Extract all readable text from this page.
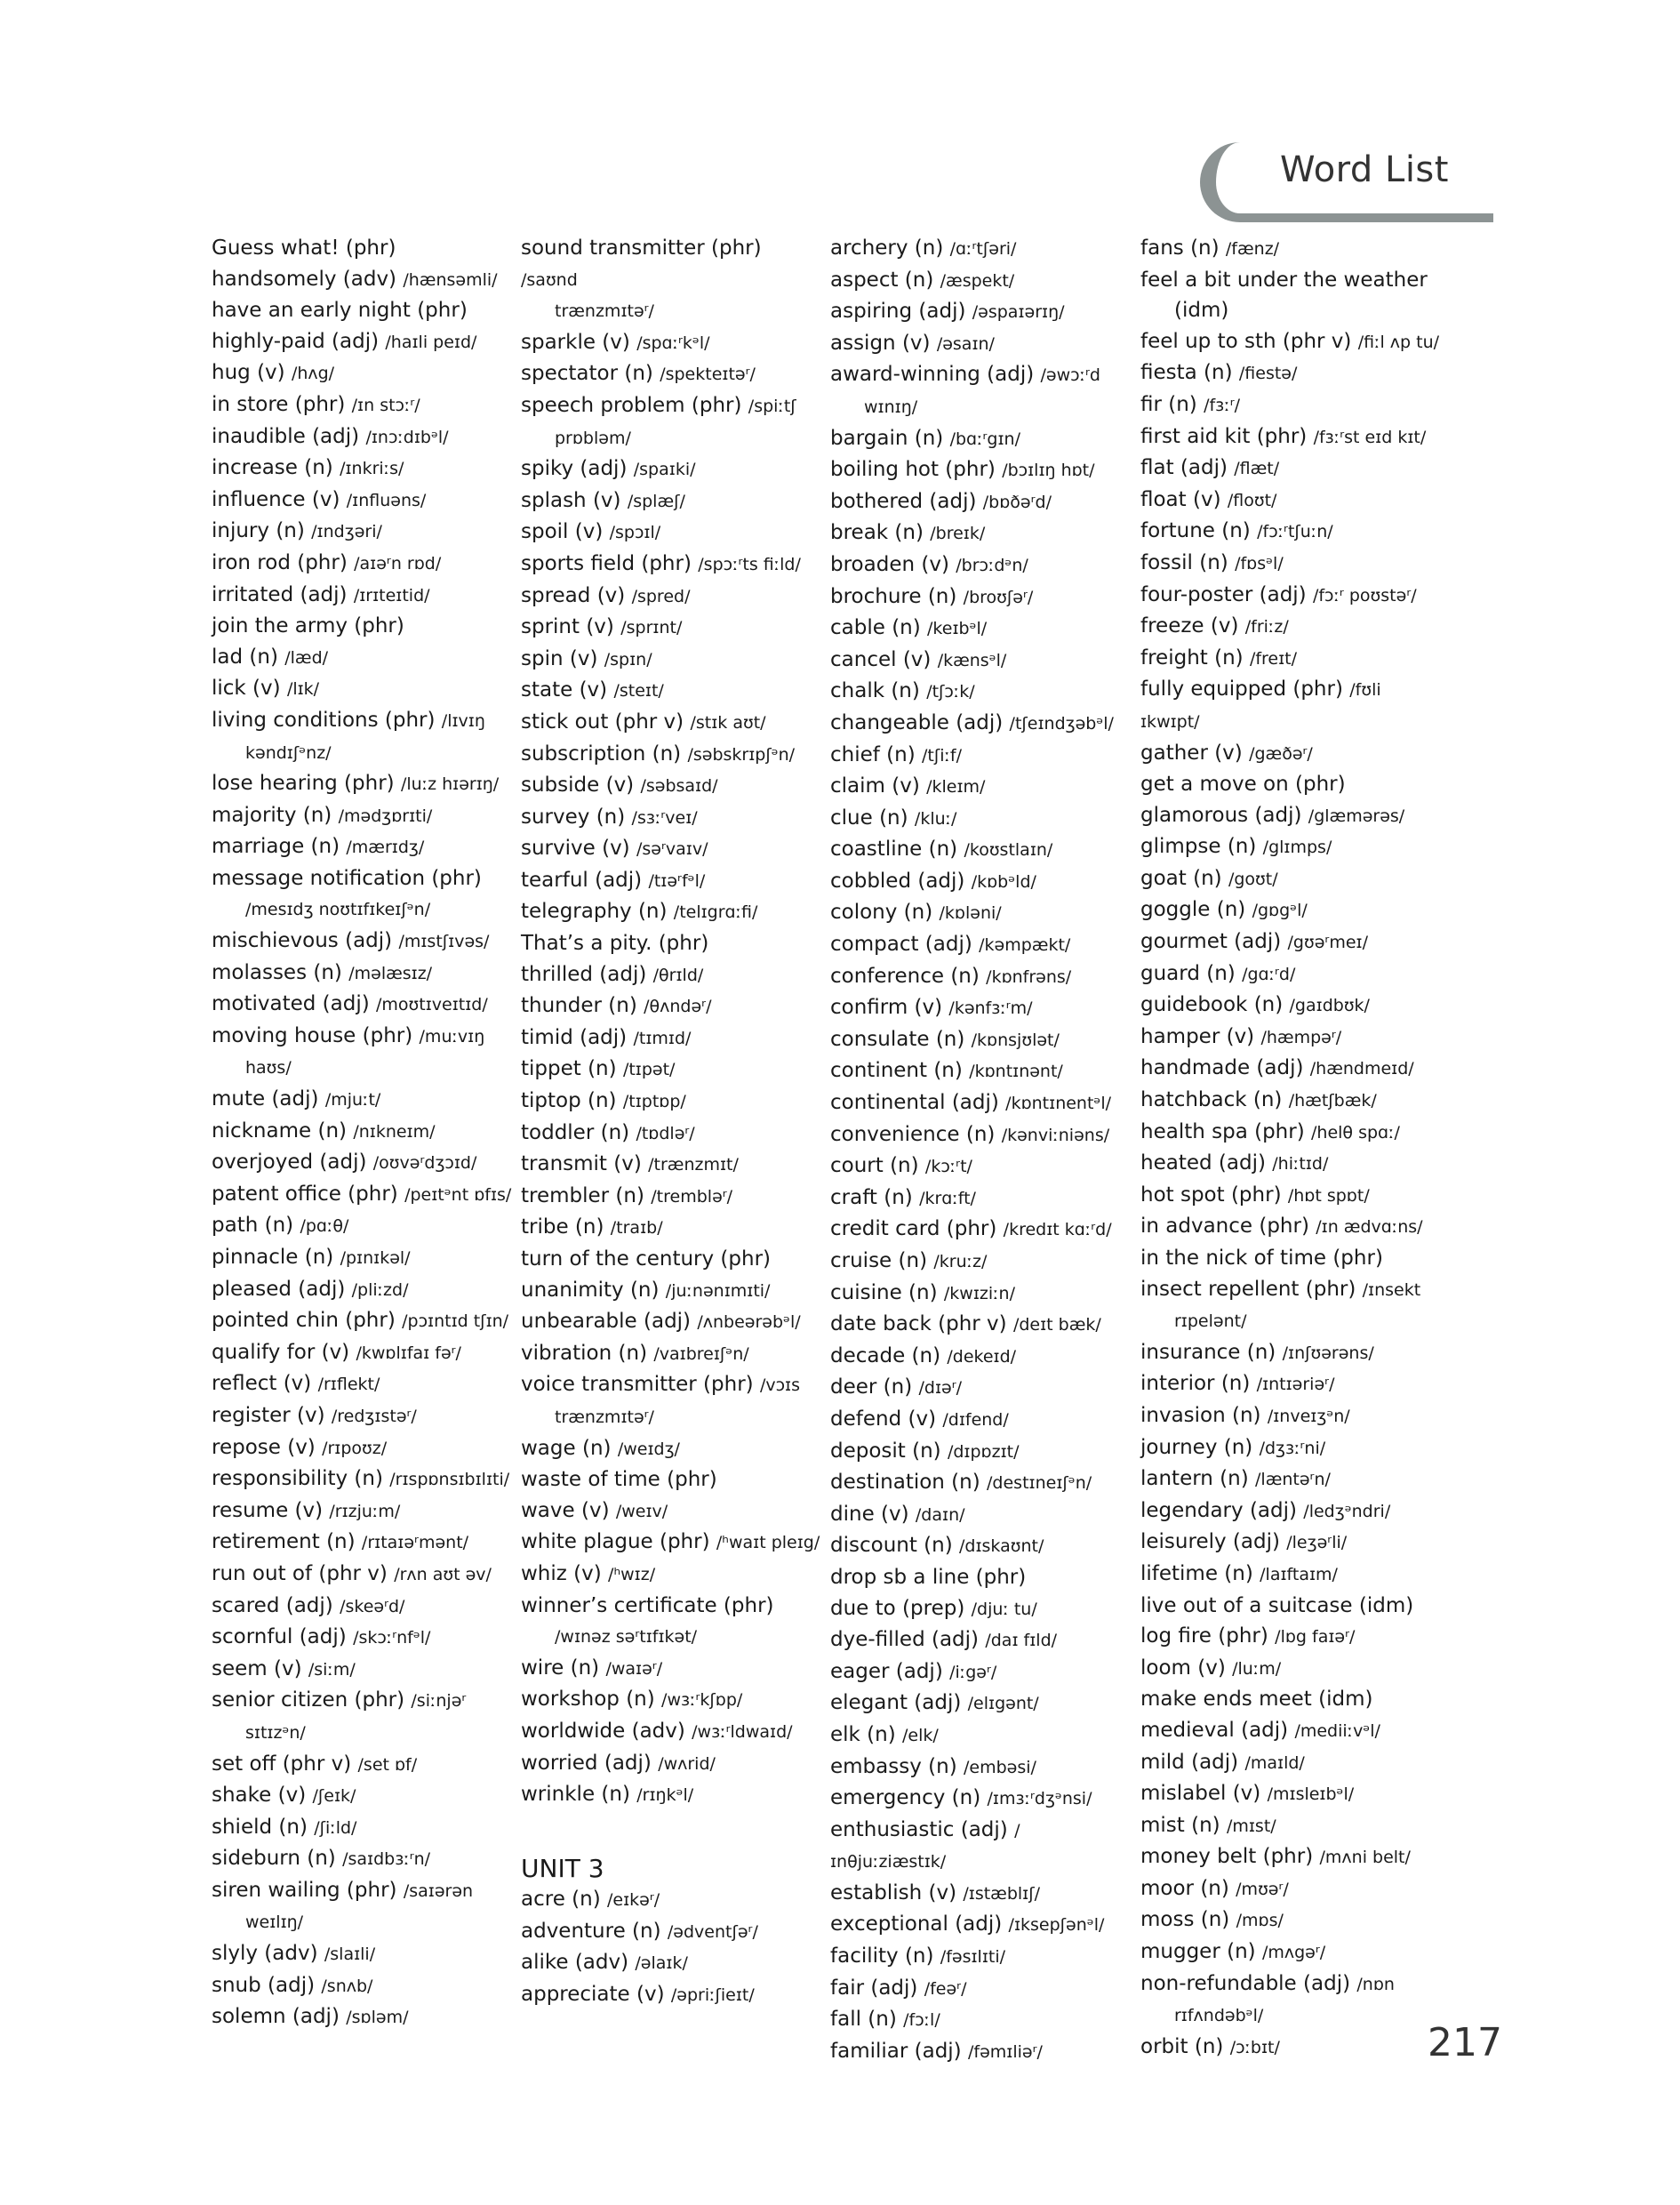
Word List
Guess what! (phr)
handsomely (adv) /hænsəmli/
have an early night (phr)
highly-paid (adj) /haɪli peɪd/
hug (v) /hʌg/
in store (phr) /ɪn stɔːʳ/
inaudible (adj) /ɪnɔːdɪbᵊl/
increase (n) /ɪnkriːs/
influence (v) /ɪnfluəns/
injury (n) /ɪndʒəri/
iron rod (phr) /aɪəʳn rɒd/
irritated (adj) /ɪrɪteɪtid/
join the army (phr)
lad (n) /læd/
lick (v) /lɪk/
living conditions (phr) /lɪvɪŋ
kəndɪʃᵊnz/
lose hearing (phr) /luːz hɪərɪŋ/
majority (n) /mədʒɒrɪti/
marriage (n) /mærɪdʒ/
message notification (phr)
/mesɪdʒ noʊtɪfɪkeɪʃᵊn/
mischievous (adj) /mɪstʃɪvəs/
molasses (n) /məlæsɪz/
motivated (adj) /moʊtɪveɪtɪd/
moving house (phr) /muːvɪŋ
haʊs/
mute (adj) /mjuːt/
nickname (n) /nɪkneɪm/
overjoyed (adj) /oʊvəʳdʒɔɪd/
patent office (phr) /peɪtᵊnt ɒfɪs/
path (n) /pɑːθ/
pinnacle (n) /pɪnɪkəl/
pleased (adj) /pliːzd/
pointed chin (phr) /pɔɪntɪd tʃɪn/
qualify for (v) /kwɒlɪfaɪ fəʳ/
reflect (v) /rɪflekt/
register (v) /redʒɪstəʳ/
repose (v) /rɪpoʊz/
responsibility (n) /rɪspɒnsɪbɪlɪti/
resume (v) /rɪzjuːm/
retirement (n) /rɪtaɪəʳmənt/
run out of (phr v) /rʌn aʊt əv/
scared (adj) /skeəʳd/
scornful (adj) /skɔːʳnfᵊl/
seem (v) /siːm/
senior citizen (phr) /siːnjəʳ
sɪtɪzᵊn/
set off (phr v) /set ɒf/
shake (v) /ʃeɪk/
shield (n) /ʃiːld/
sideburn (n) /saɪdbɜːʳn/
siren wailing (phr) /saɪərən
weɪlɪŋ/
slyly (adv) /slaɪli/
snub (adj) /snʌb/
solemn (adj) /sɒləm/
sound transmitter (phr) /saʊnd
trænzmɪtəʳ/
sparkle (v) /spɑːʳkᵊl/
spectator (n) /spekteɪtəʳ/
speech problem (phr) /spiːtʃ
prɒbləm/
spiky (adj) /spaɪki/
splash (v) /splæʃ/
spoil (v) /spɔɪl/
sports field (phr) /spɔːʳts fiːld/
spread (v) /spred/
sprint (v) /sprɪnt/
spin (v) /spɪn/
state (v) /steɪt/
stick out (phr v) /stɪk aʊt/
subscription (n) /səbskrɪpʃᵊn/
subside (v) /səbsaɪd/
survey (n) /sɜːʳveɪ/
survive (v) /səʳvaɪv/
tearful (adj) /tɪəʳfᵊl/
telegraphy (n) /telɪgrɑːfi/
That’s a pity. (phr)
thrilled (adj) /θrɪld/
thunder (n) /θʌndəʳ/
timid (adj) /tɪmɪd/
tippet (n) /tɪpət/
tiptop (n) /tɪptɒp/
toddler (n) /tɒdləʳ/
transmit (v) /trænzmɪt/
trembler (n) /tremblәʳ/
tribe (n) /traɪb/
turn of the century (phr)
unanimity (n) /juːnənɪmɪti/
unbearable (adj) /ʌnbeərəbᵊl/
vibration (n) /vaɪbreɪʃᵊn/
voice transmitter (phr) /vɔɪs
trænzmɪtəʳ/
wage (n) /weɪdʒ/
waste of time (phr)
wave (v) /weɪv/
white plague (phr) /ʰwaɪt pleɪg/
whiz (v) /ʰwɪz/
winner’s certificate (phr)
/wɪnəz səʳtɪfɪkət/
wire (n) /waɪəʳ/
workshop (n) /wɜːʳkʃɒp/
worldwide (adv) /wɜːʳldwaɪd/
worried (adj) /wʌrid/
wrinkle (n) /rɪŋkᵊl/
UNIT 3
acre (n) /eɪkəʳ/
adventure (n) /ədventʃəʳ/
alike (adv) /əlaɪk/
appreciate (v) /əpriːʃieɪt/
archery (n) /ɑːʳtʃəri/
aspect (n) /æspekt/
aspiring (adj) /əspaɪərɪŋ/
assign (v) /əsaɪn/
award-winning (adj) /əwɔːʳd
wɪnɪŋ/
bargain (n) /bɑːʳgɪn/
boiling hot (phr) /bɔɪlɪŋ hɒt/
bothered (adj) /bɒðəʳd/
break (n) /breɪk/
broaden (v) /brɔːdᵊn/
brochure (n) /broʊʃəʳ/
cable (n) /keɪbᵊl/
cancel (v) /kænsᵊl/
chalk (n) /tʃɔːk/
changeable (adj) /tʃeɪndʒəbᵊl/
chief (n) /tʃiːf/
claim (v) /kleɪm/
clue (n) /kluː/
coastline (n) /koʊstlaɪn/
cobbled (adj) /kɒbᵊld/
colony (n) /kɒləni/
compact (adj) /kəmpækt/
conference (n) /kɒnfrəns/
confirm (v) /kənfɜːʳm/
consulate (n) /kɒnsjʊlət/
continent (n) /kɒntɪnənt/
continental (adj) /kɒntɪnentᵊl/
convenience (n) /kənviːniəns/
court (n) /kɔːʳt/
craft (n) /krɑːft/
credit card (phr) /kredɪt kɑːʳd/
cruise (n) /kruːz/
cuisine (n) /kwɪziːn/
date back (phr v) /deɪt bæk/
decade (n) /dekeɪd/
deer (n) /dɪəʳ/
defend (v) /dɪfend/
deposit (n) /dɪpɒzɪt/
destination (n) /destɪneɪʃᵊn/
dine (v) /daɪn/
discount (n) /dɪskaʊnt/
drop sb a line (phr)
due to (prep) /djuː tu/
dye-filled (adj) /daɪ fɪld/
eager (adj) /iːgəʳ/
elegant (adj) /elɪgənt/
elk (n) /elk/
embassy (n) /embəsi/
emergency (n) /ɪmɜːʳdʒᵊnsi/
enthusiastic (adj) /ɪnθjuːziæstɪk/
establish (v) /ɪstæblɪʃ/
exceptional (adj) /ɪksepʃənᵊl/
facility (n) /fəsɪlɪti/
fair (adj) /feəʳ/
fall (n) /fɔːl/
familiar (adj) /fəmɪliəʳ/
fans (n) /fænz/
feel a bit under the weather
(idm)
feel up to sth (phr v) /fiːl ʌp tu/
fiesta (n) /fiestə/
fir (n) /fɜːʳ/
first aid kit (phr) /fɜːʳst eɪd kɪt/
flat (adj) /flæt/
float (v) /floʊt/
fortune (n) /fɔːʳtʃuːn/
fossil (n) /fɒsᵊl/
four-poster (adj) /fɔːʳ poʊstəʳ/
freeze (v) /friːz/
freight (n) /freɪt/
fully equipped (phr) /fʊli ɪkwɪpt/
gather (v) /gæðəʳ/
get a move on (phr)
glamorous (adj) /glæmərəs/
glimpse (n) /glɪmps/
goat (n) /goʊt/
goggle (n) /gɒgᵊl/
gourmet (adj) /gʊəʳmeɪ/
guard (n) /gɑːʳd/
guidebook (n) /gaɪdbʊk/
hamper (v) /hæmpəʳ/
handmade (adj) /hændmeɪd/
hatchback (n) /hætʃbæk/
health spa (phr) /helθ spɑː/
heated (adj) /hiːtɪd/
hot spot (phr) /hɒt spɒt/
in advance (phr) /ɪn ædvɑːns/
in the nick of time (phr)
insect repellent (phr) /ɪnsekt
rɪpelənt/
insurance (n) /ɪnʃʊərəns/
interior (n) /ɪntɪəriəʳ/
invasion (n) /ɪnveɪʒᵊn/
journey (n) /dʒɜːʳni/
lantern (n) /læntəʳn/
legendary (adj) /ledʒᵊndri/
leisurely (adj) /leʒəʳli/
lifetime (n) /laɪftaɪm/
live out of a suitcase (idm)
log fire (phr) /lɒg faɪəʳ/
loom (v) /luːm/
make ends meet (idm)
medieval (adj) /mediiːvᵊl/
mild (adj) /maɪld/
mislabel (v) /mɪsleɪbᵊl/
mist (n) /mɪst/
money belt (phr) /mʌni belt/
moor (n) /mʊəʳ/
moss (n) /mɒs/
mugger (n) /mʌgəʳ/
non-refundable (adj) /nɒn
rɪfʌndəbᵊl/
orbit (n) /ɔːbɪt/	217
